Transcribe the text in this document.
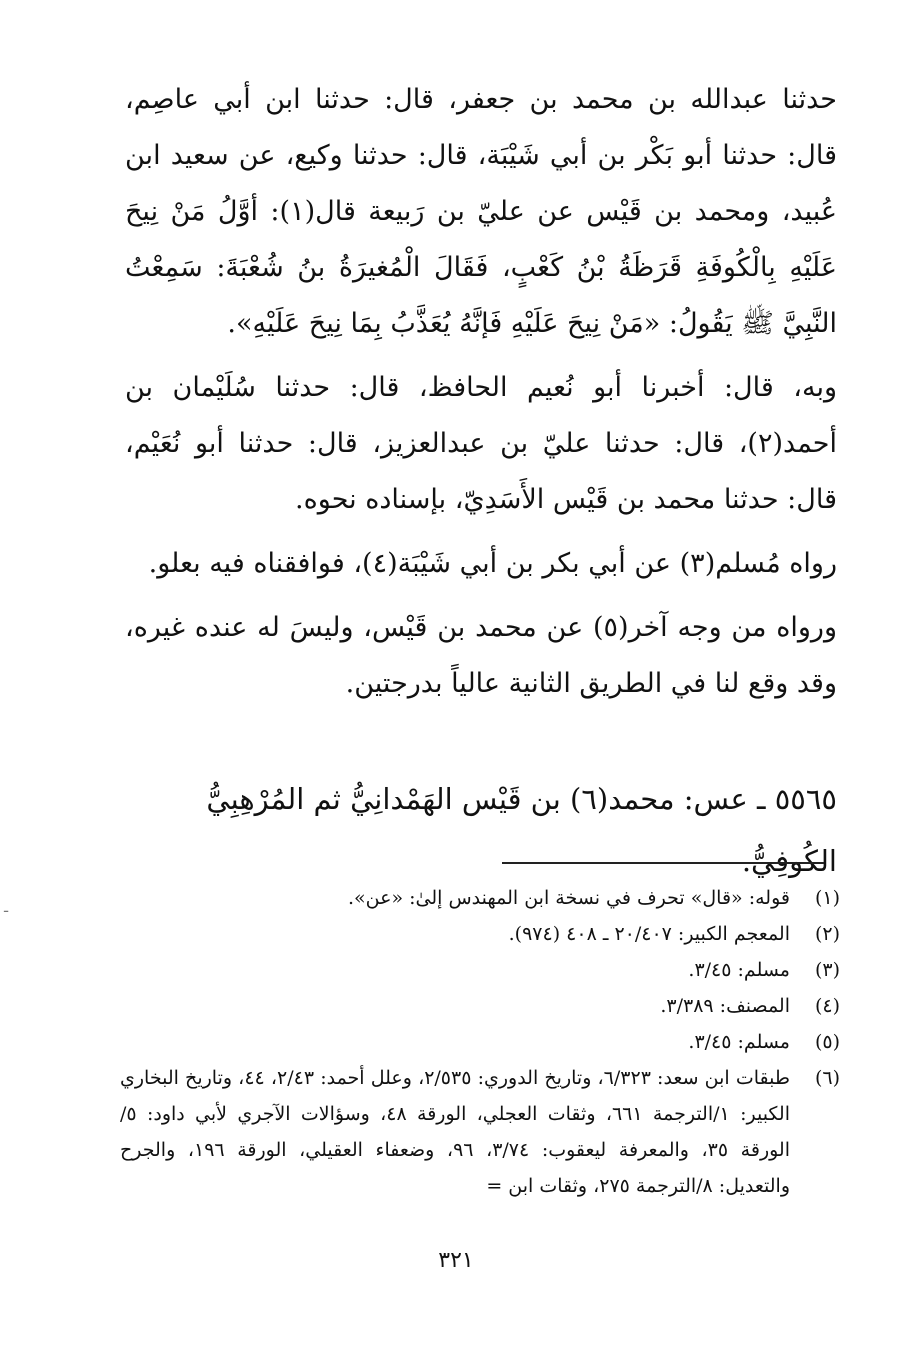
حدثنا عبدالله بن محمد بن جعفر، قال: حدثنا ابن أبي عاصِم، قال: حدثنا أبو بَكْر بن أبي شَيْبَة، قال: حدثنا وكيع، عن سعيد ابن عُبيد، ومحمد بن قَيْس عن عليّ بن رَبيعة قال(١): أوَّلُ مَنْ نِيحَ عَلَيْهِ بِالْكُوفَةِ قَرَظَةُ بْنُ كَعْبٍ، فَقَالَ الْمُغيرَةُ بنُ شُعْبَةَ: سَمِعْتُ النَّبِيَّ ﷺ يَقُولُ: «مَنْ نِيحَ عَلَيْهِ فَإنَّهُ يُعَذَّبُ بِمَا نِيحَ عَلَيْهِ».

وبه، قال: أخبرنا أبو نُعيم الحافظ، قال: حدثنا سُلَيْمان بن أحمد(٢)، قال: حدثنا عليّ بن عبدالعزيز، قال: حدثنا أبو نُعَيْم، قال: حدثنا محمد بن قَيْس الأَسَدِيّ، بإسناده نحوه.

رواه مُسلم(٣) عن أبي بكر بن أبي شَيْبَة(٤)، فوافقناه فيه بعلو.

ورواه من وجه آخر(٥) عن محمد بن قَيْس، وليسَ له عنده غيره، وقد وقع لنا في الطريق الثانية عالياً بدرجتين.

٥٥٦٥ ـ عس: محمد(٦) بن قَيْس الهَمْدانِيُّ ثم المُرْهِبِيُّ الكُوفِيُّ.

(١)
قوله: «قال» تحرف في نسخة ابن المهندس إلىٰ: «عن».
(٢)
المعجم الكبير: ٢٠/٤٠٧ ـ ٤٠٨ (٩٧٤).
(٣)
مسلم: ٣/٤٥.
(٤)
المصنف: ٣/٣٨٩.
(٥)
مسلم: ٣/٤٥.
(٦)
طبقات ابن سعد: ٦/٣٢٣، وتاريخ الدوري: ٢/٥٣٥، وعلل أحمد: ٢/٤٣، ٤٤، وتاريخ البخاري الكبير: ١/الترجمة ٦٦١، وثقات العجلي، الورقة ٤٨، وسؤالات الآجري لأبي داود: ٥/الورقة ٣٥، والمعرفة ليعقوب: ٣/٧٤، ٩٦، وضعفاء العقيلي، الورقة ١٩٦، والجرح والتعديل: ٨/الترجمة ٢٧٥، وثقات ابن =
٣٢١
ـ
